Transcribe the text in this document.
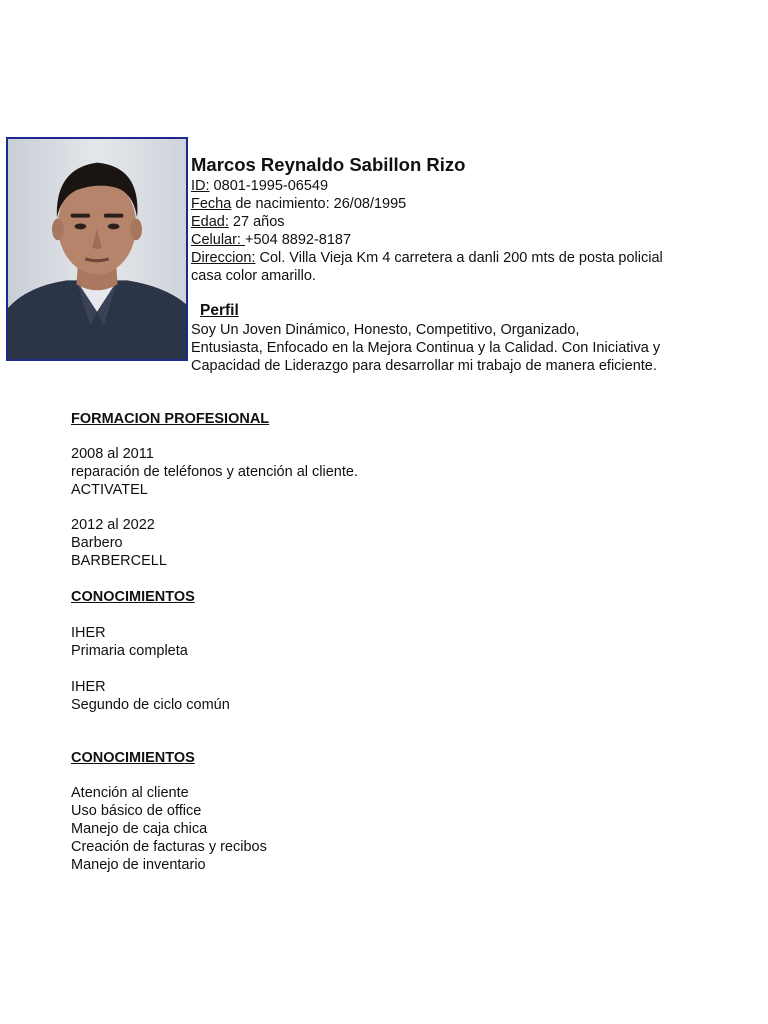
Marcos Reynaldo Sabillon Rizo

ID: 0801-1995-06549

Fecha de nacimiento: 26/08/1995

Edad: 27 años

Celular: +504 8892-8187

Direccion: Col. Villa Vieja Km 4 carretera a danli 200 mts de posta policial

casa color amarillo.

Perfil

Soy Un Joven Dinámico, Honesto, Competitivo, Organizado,

Entusiasta, Enfocado en la Mejora Continua y la Calidad. Con Iniciativa y

Capacidad de Liderazgo para desarrollar mi trabajo de manera eficiente.

FORMACION PROFESIONAL

2008 al 2011

reparación de teléfonos y atención al cliente.

ACTIVATEL

2012 al 2022

Barbero

BARBERCELL

CONOCIMIENTOS

IHER

Primaria completa

IHER

Segundo de ciclo común

CONOCIMIENTOS

Atención al cliente

Uso básico de office

Manejo de caja chica

Creación de facturas y recibos

Manejo de inventario
